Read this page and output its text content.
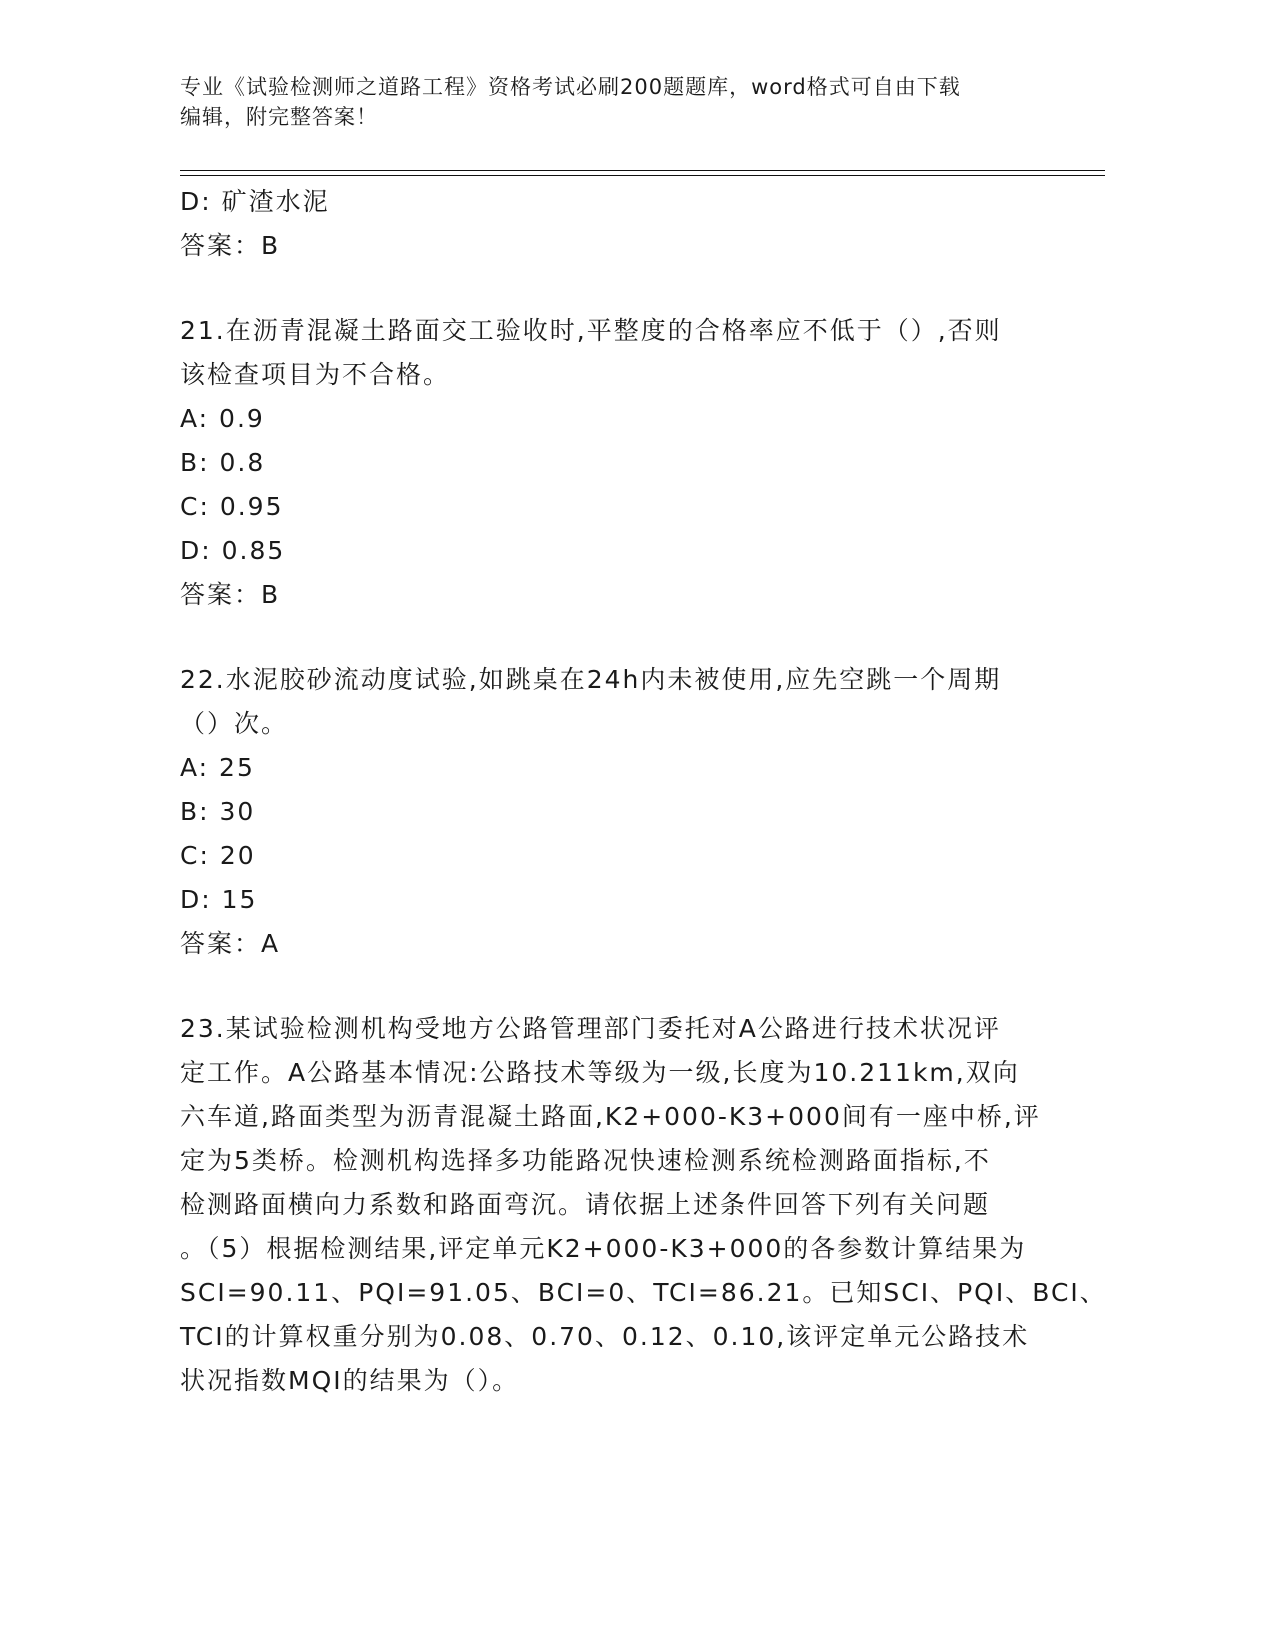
专业《试验检测师之道路工程》资格考试必刷200题题库，word格式可自由下载
编辑，附完整答案！
D: 矿渣水泥
答案：B
21.在沥青混凝土路面交工验收时,平整度的合格率应不低于（）,否则
该检查项目为不合格。
A: 0.9
B: 0.8
C: 0.95
D: 0.85
答案：B
22.水泥胶砂流动度试验,如跳桌在24h内未被使用,应先空跳一个周期
（）次。
A: 25
B: 30
C: 20
D: 15
答案：A
23.某试验检测机构受地方公路管理部门委托对A公路进行技术状况评
定工作。A公路基本情况:公路技术等级为一级,长度为10.211km,双向
六车道,路面类型为沥青混凝土路面,K2+000-K3+000间有一座中桥,评
定为5类桥。检测机构选择多功能路况快速检测系统检测路面指标,不
检测路面横向力系数和路面弯沉。请依据上述条件回答下列有关问题
。（5）根据检测结果,评定单元K2+000-K3+000的各参数计算结果为
SCI=90.11、PQI=91.05、BCI=0、TCI=86.21。已知SCI、PQI、BCI、
TCI的计算权重分别为0.08、0.70、0.12、0.10,该评定单元公路技术
状况指数MQI的结果为（）。
